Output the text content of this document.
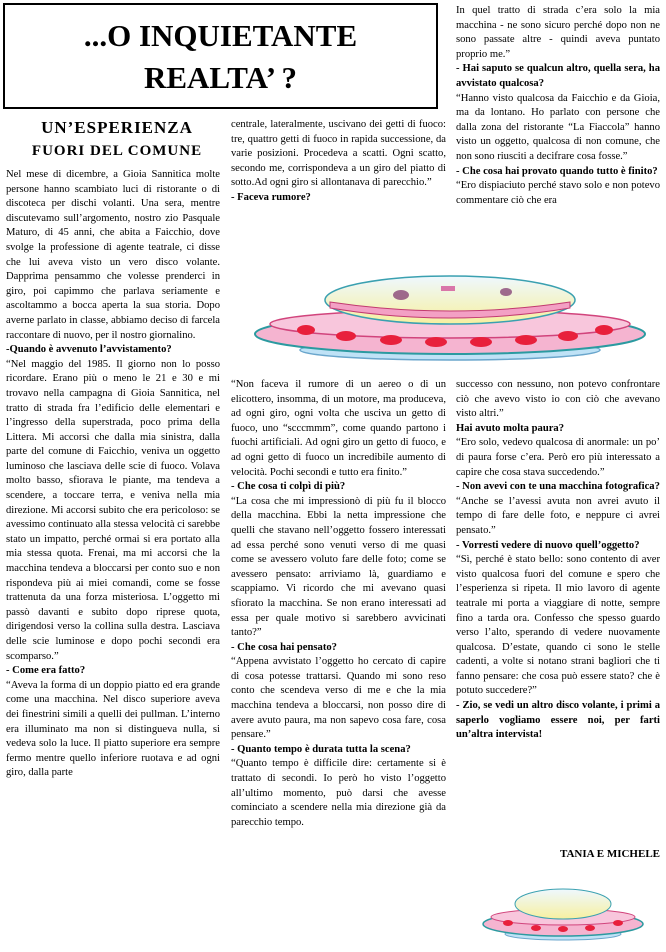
...O INQUIETANTE
REALTA’ ?
UN’ESPERIENZA
FUORI DEL COMUNE

Nel mese di dicembre, a Gioia Sannitica molte persone hanno scambiato luci di ristorante o di discoteca per dischi volanti. Una sera, mentre discutevamo sull’argomento, nostro zio Pasquale Maturo, di 45 anni, che abita a Faicchio, dove svolge la professione di agente teatrale, ci disse che lui aveva visto un vero disco volante. Dapprima pensammo che volesse prenderci in giro, poi capimmo che parlava seriamente e ascoltammo a bocca aperta la sua storia. Dopo averne parlato in classe, abbiamo deciso di farcela raccontare di nuovo, per il nostro giornalino.

-Quando è avvenuto l’avvistamento?

“Nel maggio del 1985. Il giorno non lo posso ricordare. Erano più o meno le 21 e 30 e mi trovavo nella campagna di Gioia Sannitica, nel tratto di strada fra l’edificio delle elementari e l’ingresso della superstrada, poco prima della Littera. Mi accorsi che dalla mia sinistra, dalla parte del comune di Faicchio, veniva un oggetto luminoso che lasciava delle scie di fuoco. Volava molto basso, sfiorava le piante, ma tendeva a scendere, a toccare terra, e veniva nella mia direzione. Mi accorsi subito che era pericoloso: se avessimo continuato alla stessa velocità ci sarebbe stato un impatto, perché ormai si era portato alla mia stessa quota. Frenai, ma mi accorsi che la macchina tendeva a bloccarsi per conto suo e non rispondeva più ai miei comandi, come se fosse trattenuta da una forza misteriosa. L’oggetto mi passò davanti e subito dopo riprese quota, dirigendosi verso la collina sulla destra. Lasciava delle scie luminose e dopo pochi secondi era scomparso.”

- Come era fatto?

“Aveva la forma di un doppio piatto ed era grande come una macchina. Nel disco superiore aveva dei finestrini simili a quelli dei pullman. L’interno era illuminato ma non si distingueva nulla, si vedeva solo la luce. Il piatto superiore era sempre fermo mentre quello inferiore ruotava e ad ogni giro, dalla parte

centrale, lateralmente, uscivano dei getti di fuoco: tre, quattro getti di fuoco in rapida successione, da varie posizioni. Procedeva a scatti. Ogni scatto, secondo me, corrispondeva a un giro del piatto di sotto.Ad ogni giro si allontanava di parecchio.”

- Faceva rumore?

In quel tratto di strada c’era solo la mia macchina - ne sono sicuro perché dopo non ne sono passate altre - quindi aveva puntato proprio me.”

- Hai saputo se qualcun altro, quella sera, ha avvistato qualcosa?

“Hanno visto qualcosa da Faicchio e da Gioia, ma da lontano. Ho parlato con persone che dalla zona del ristorante “La Fiaccola” hanno visto un oggetto, qualcosa di non comune, che non sono riusciti a decifrare cosa fosse.”

- Che cosa hai provato quando tutto è finito?

“Ero dispiaciuto perché stavo solo e non potevo commentare ciò che era

“Non faceva il rumore di un aereo o di un elicottero, insomma, di un motore, ma produceva, ad ogni giro, ogni volta che usciva un getto di fuoco, uno “scccmmm”, come quando partono i fuochi artificiali. Ad ogni giro un getto di fuoco, e ad ogni getto di fuoco un incredibile aumento di velocità. Pochi secondi e tutto era finito.”

- Che cosa ti colpì di più?

“La cosa che mi impressionò di più fu il blocco della macchina. Ebbi la netta impressione che quelli che stavano nell’oggetto fossero interessati ad essa perché sono venuti verso di me quasi come se avessero voluto fare delle foto; come se avessero pensato: arriviamo là, guardiamo e scappiamo. Vi ricordo che mi avevano quasi sfiorato la macchina. Se non erano interessati ad essa per quale motivo si sarebbero avvicinati tanto?”

- Che cosa hai pensato?

“Appena avvistato l’oggetto ho cercato di capire di cosa potesse trattarsi. Quando mi sono reso conto che scendeva verso di me e che la mia macchina tendeva a bloccarsi, non posso dire di avere avuto paura, ma non sapevo cosa fare, cosa pensare.”

- Quanto tempo è durata tutta la scena?

“Quanto tempo è difficile dire: certamente si è trattato di secondi. Io però ho visto l’oggetto all’ultimo momento, può darsi che avesse cominciato a scendere nella mia direzione già da parecchio tempo.

successo con nessuno, non potevo confrontare ciò che avevo visto io con ciò che avevano visto altri.”

Hai avuto molta paura?

“Ero solo, vedevo qualcosa di anormale: un po’ di paura forse c’era. Però ero più interessato a capire che cosa stava succedendo.”

- Non avevi con te una macchina fotografica?

“Anche se l’avessi avuta non avrei avuto il tempo di fare delle foto, e neppure ci avrei pensato.”

- Vorresti vedere di nuovo quell’oggetto?

“Sì, perché è stato bello: sono contento di aver visto qualcosa fuori del comune e spero che l’esperienza si ripeta. Il mio lavoro di agente teatrale mi porta a viaggiare di notte, sempre fino a tarda ora. Confesso che spesso guardo verso l’alto, sperando di vedere nuovamente qualcosa. D’estate, quando ci sono le stelle cadenti, a volte si notano strani bagliori che ti fanno pensare: che cosa può essere stato? che è potuto succedere?”

- Zio, se vedi un altro disco volante, i primi a saperlo vogliamo essere noi, per farti un’altra intervista!

TANIA E MICHELE
